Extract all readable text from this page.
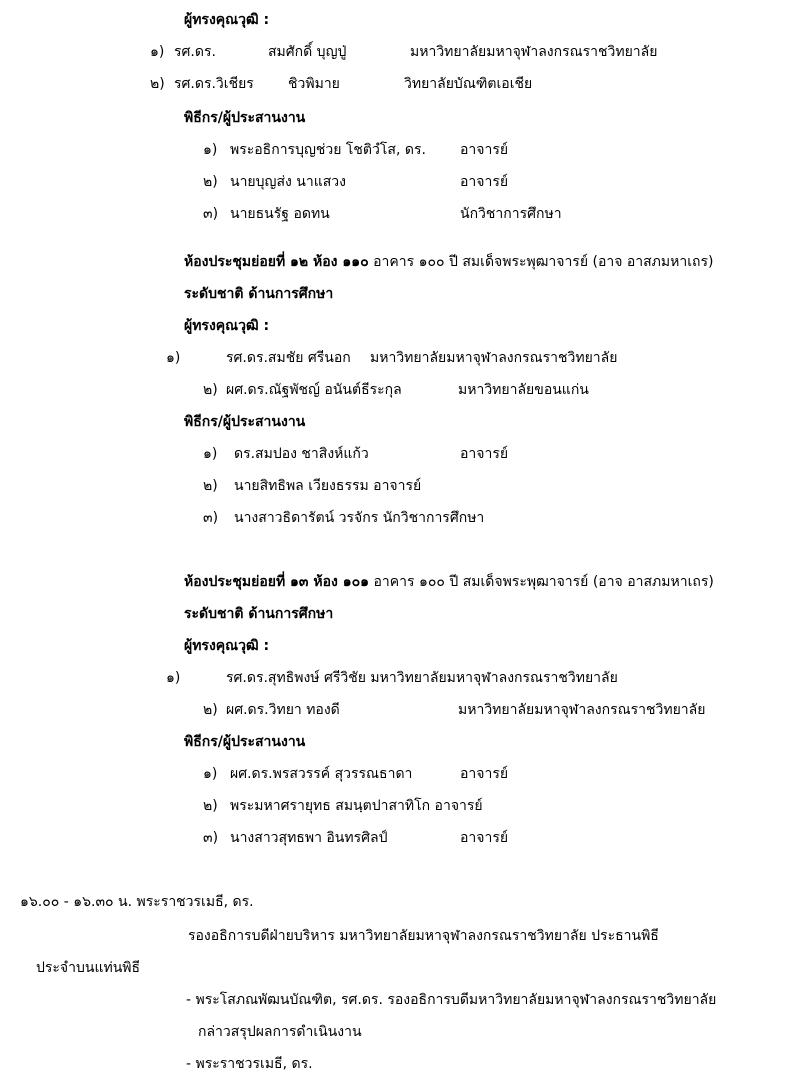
ผู้ทรงคุณวุฒิ :
๑) รศ.ดร.	สมศักดิ์ บุญปู่	มหาวิทยาลัยมหาจุฬาลงกรณราชวิทยาลัย
๒) รศ.ดร.วิเชียร ชิวพิมาย	วิทยาลัยบัณฑิตเอเชีย
พิธีกร/ผู้ประสานงาน
๑) พระอธิการบุญช่วย โชติวํโส, ดร. อาจารย์
๒) นายบุญส่ง นาแสวง	อาจารย์
๓) นายธนรัฐ อดทน	นักวิชาการศึกษา
ห้องประชุมย่อยที่ ๑๒ ห้อง ๑๑๐ อาคาร ๑๐๐ ปี สมเด็จพระพุฒาจารย์ (อาจ อาสภมหาเถร)
ระดับชาติ ด้านการศึกษา
ผู้ทรงคุณวุฒิ :
๑)	รศ.ดร.สมชัย ศรีนอก มหาวิทยาลัยมหาจุฬาลงกรณราชวิทยาลัย
๒) ผศ.ดร.ณัฐพัชญ์ อนันต์ธีระกุล	มหาวิทยาลัยขอนแก่น
พิธีกร/ผู้ประสานงาน
๑) ดร.สมปอง ชาสิงห์แก้ว	อาจารย์
๒) นายสิทธิพล เวียงธรรม อาจารย์
๓) นางสาวธิดารัตน์ วรจักร นักวิชาการศึกษา
ห้องประชุมย่อยที่ ๑๓ ห้อง ๑๐๑ อาคาร ๑๐๐ ปี สมเด็จพระพุฒาจารย์ (อาจ อาสภมหาเถร)
ระดับชาติ ด้านการศึกษา
ผู้ทรงคุณวุฒิ :
๑)	รศ.ดร.สุทธิพงษ์ ศรีวิชัย มหาวิทยาลัยมหาจุฬาลงกรณราชวิทยาลัย
๒) ผศ.ดร.วิทยา ทองดี	มหาวิทยาลัยมหาจุฬาลงกรณราชวิทยาลัย
พิธีกร/ผู้ประสานงาน
๑) ผศ.ดร.พรสวรรค์ สุวรรณธาดา	อาจารย์
๒) พระมหาศรายุทธ สมนฺตปาสาทิโก อาจารย์
๓) นางสาวสุทธพา อินทรศิลป์	อาจารย์
๑๖.๐๐ - ๑๖.๓๐ น. พระราชวรเมธี, ดร.
รองอธิการบดีฝ่ายบริหาร มหาวิทยาลัยมหาจุฬาลงกรณราชวิทยาลัย ประธานพิธี
ประจำบนแท่นพิธี
- พระโสภณพัฒนบัณฑิต, รศ.ดร. รองอธิการบดีมหาวิทยาลัยมหาจุฬาลงกรณราชวิทยาลัย
กล่าวสรุปผลการดำเนินงาน
- พระราชวรเมธี, ดร.
